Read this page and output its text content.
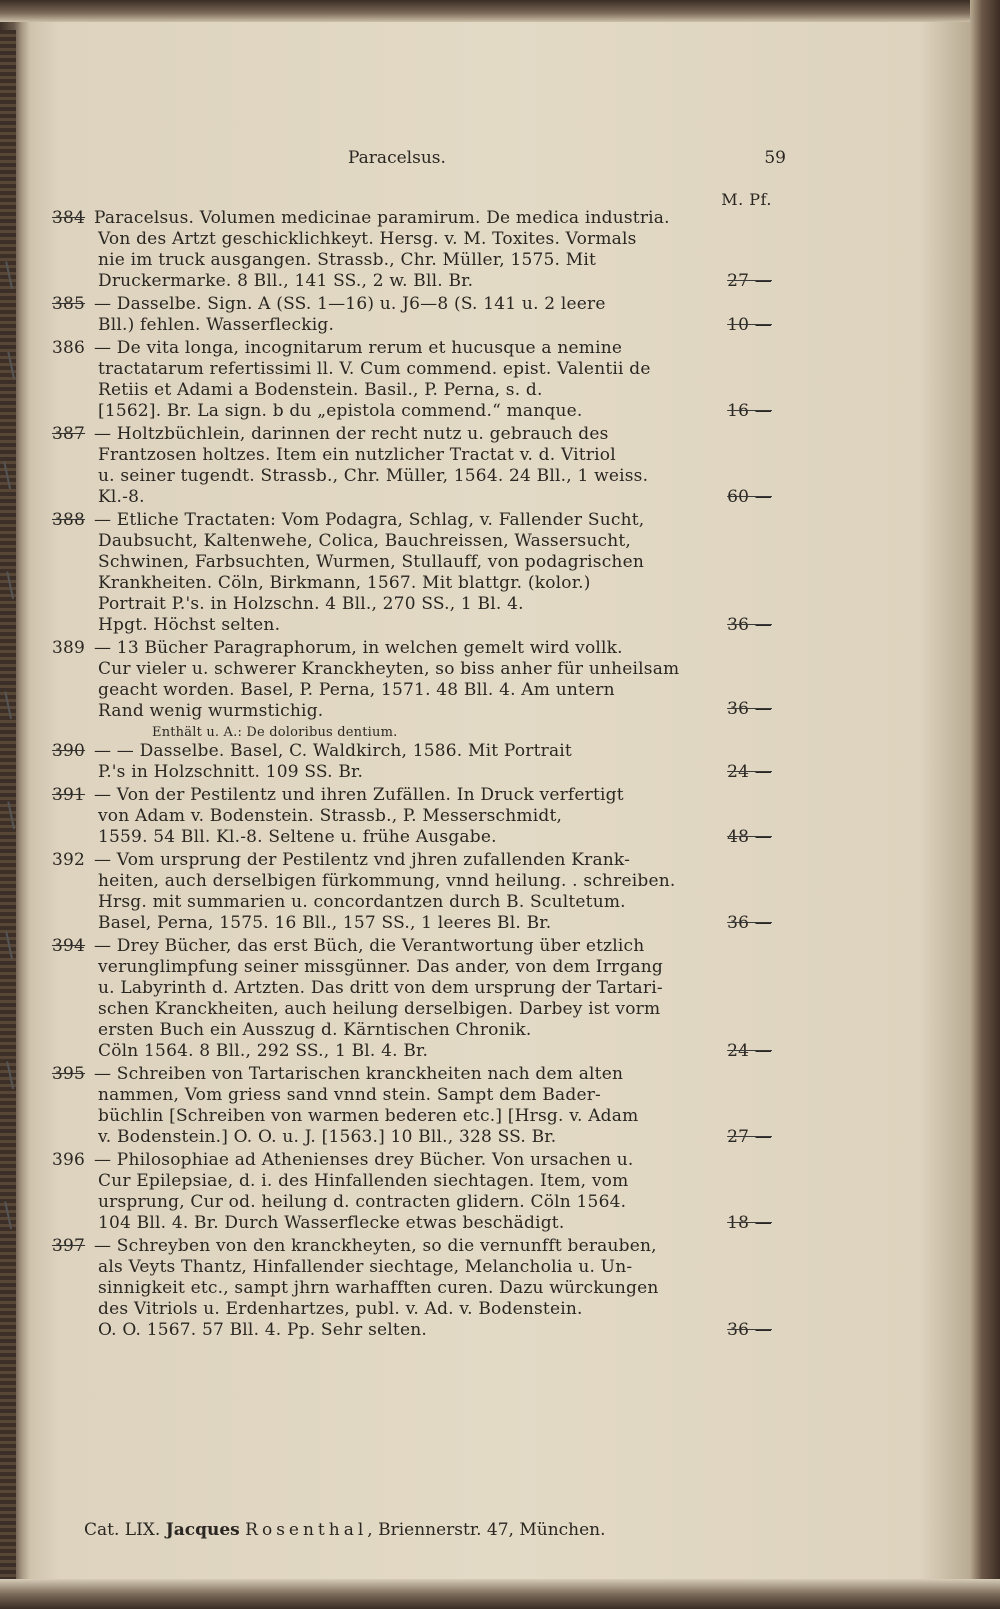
Paracelsus.	59
M. Pf.
384 Paracelsus. Volumen medicinae paramirum. De medica industria.
Von des Artzt geschicklichkeyt. Hersg. v. M. Toxites. Vormals
nie im truck ausgangen. Strassb., Chr. Müller, 1575. Mit
Druckermarke. 8 Bll., 141 SS., 2 w. Bll. Br.	27 —
385 — Dasselbe. Sign. A (SS. 1—16) u. J6—8 (S. 141 u. 2 leere
Bll.) fehlen. Wasserfleckig.	10 —
386 — De vita longa, incognitarum rerum et hucusque a nemine
tractatarum refertissimi ll. V. Cum commend. epist. Valentii de
Retiis et Adami a Bodenstein. Basil., P. Perna, s. d.
[1562]. Br. La sign. b du „epistola commend.“ manque.	16 —
387 — Holtzbüchlein, darinnen der recht nutz u. gebrauch des
Frantzosen holtzes. Item ein nutzlicher Tractat v. d. Vitriol
u. seiner tugendt. Strassb., Chr. Müller, 1564. 24 Bll., 1 weiss.
Kl.-8.	60 —
388 — Etliche Tractaten: Vom Podagra, Schlag, v. Fallender Sucht,
Daubsucht, Kaltenwehe, Colica, Bauchreissen, Wassersucht,
Schwinen, Farbsuchten, Wurmen, Stullauff, von podagrischen
Krankheiten. Cöln, Birkmann, 1567. Mit blattgr. (kolor.)
Portrait P.'s. in Holzschn. 4 Bll., 270 SS., 1 Bl. 4.
Hpgt. Höchst selten.	36 —
389 — 13 Bücher Paragraphorum, in welchen gemelt wird vollk.
Cur vieler u. schwerer Kranckheyten, so biss anher für unheilsam
geacht worden. Basel, P. Perna, 1571. 48 Bll. 4. Am untern
Rand wenig wurmstichig.	36 —
Enthält u. A.: De doloribus dentium.
390 — — Dasselbe. Basel, C. Waldkirch, 1586. Mit Portrait
P.'s in Holzschnitt. 109 SS. Br.	24 —
391 — Von der Pestilentz und ihren Zufällen. In Druck verfertigt
von Adam v. Bodenstein. Strassb., P. Messerschmidt,
1559. 54 Bll. Kl.-8. Seltene u. frühe Ausgabe.	48 —
392 — Vom ursprung der Pestilentz vnd jhren zufallenden Krank-
heiten, auch derselbigen fürkommung, vnnd heilung. . schreiben.
Hrsg. mit summarien u. concordantzen durch B. Scultetum.
Basel, Perna, 1575. 16 Bll., 157 SS., 1 leeres Bl. Br.	36 —
394 — Drey Bücher, das erst Büch, die Verantwortung über etzlich
verunglimpfung seiner missgünner. Das ander, von dem Irrgang
u. Labyrinth d. Artzten. Das dritt von dem ursprung der Tartari-
schen Kranckheiten, auch heilung derselbigen. Darbey ist vorm
ersten Buch ein Ausszug d. Kärntischen Chronik.
Cöln 1564. 8 Bll., 292 SS., 1 Bl. 4. Br.	24 —
395 — Schreiben von Tartarischen kranckheiten nach dem alten
nammen, Vom griess sand vnnd stein. Sampt dem Bader-
büchlin [Schreiben von warmen bederen etc.] [Hrsg. v. Adam
v. Bodenstein.] O. O. u. J. [1563.] 10 Bll., 328 SS. Br.	27 —
396 — Philosophiae ad Athenienses drey Bücher. Von ursachen u.
Cur Epilepsiae, d. i. des Hinfallenden siechtagen. Item, vom
ursprung, Cur od. heilung d. contracten glidern. Cöln 1564.
104 Bll. 4. Br. Durch Wasserflecke etwas beschädigt.	18 —
397 — Schreyben von den kranckheyten, so die vernunfft berauben,
als Veyts Thantz, Hinfallender siechtage, Melancholia u. Un-
sinnigkeit etc., sampt jhrn warhafften curen. Dazu würckungen
des Vitriols u. Erdenhartzes, publ. v. Ad. v. Bodenstein.
O. O. 1567. 57 Bll. 4. Pp. Sehr selten.	36 —
Cat. LIX. Jacques Rosenthal, Briennerstr. 47, München.
